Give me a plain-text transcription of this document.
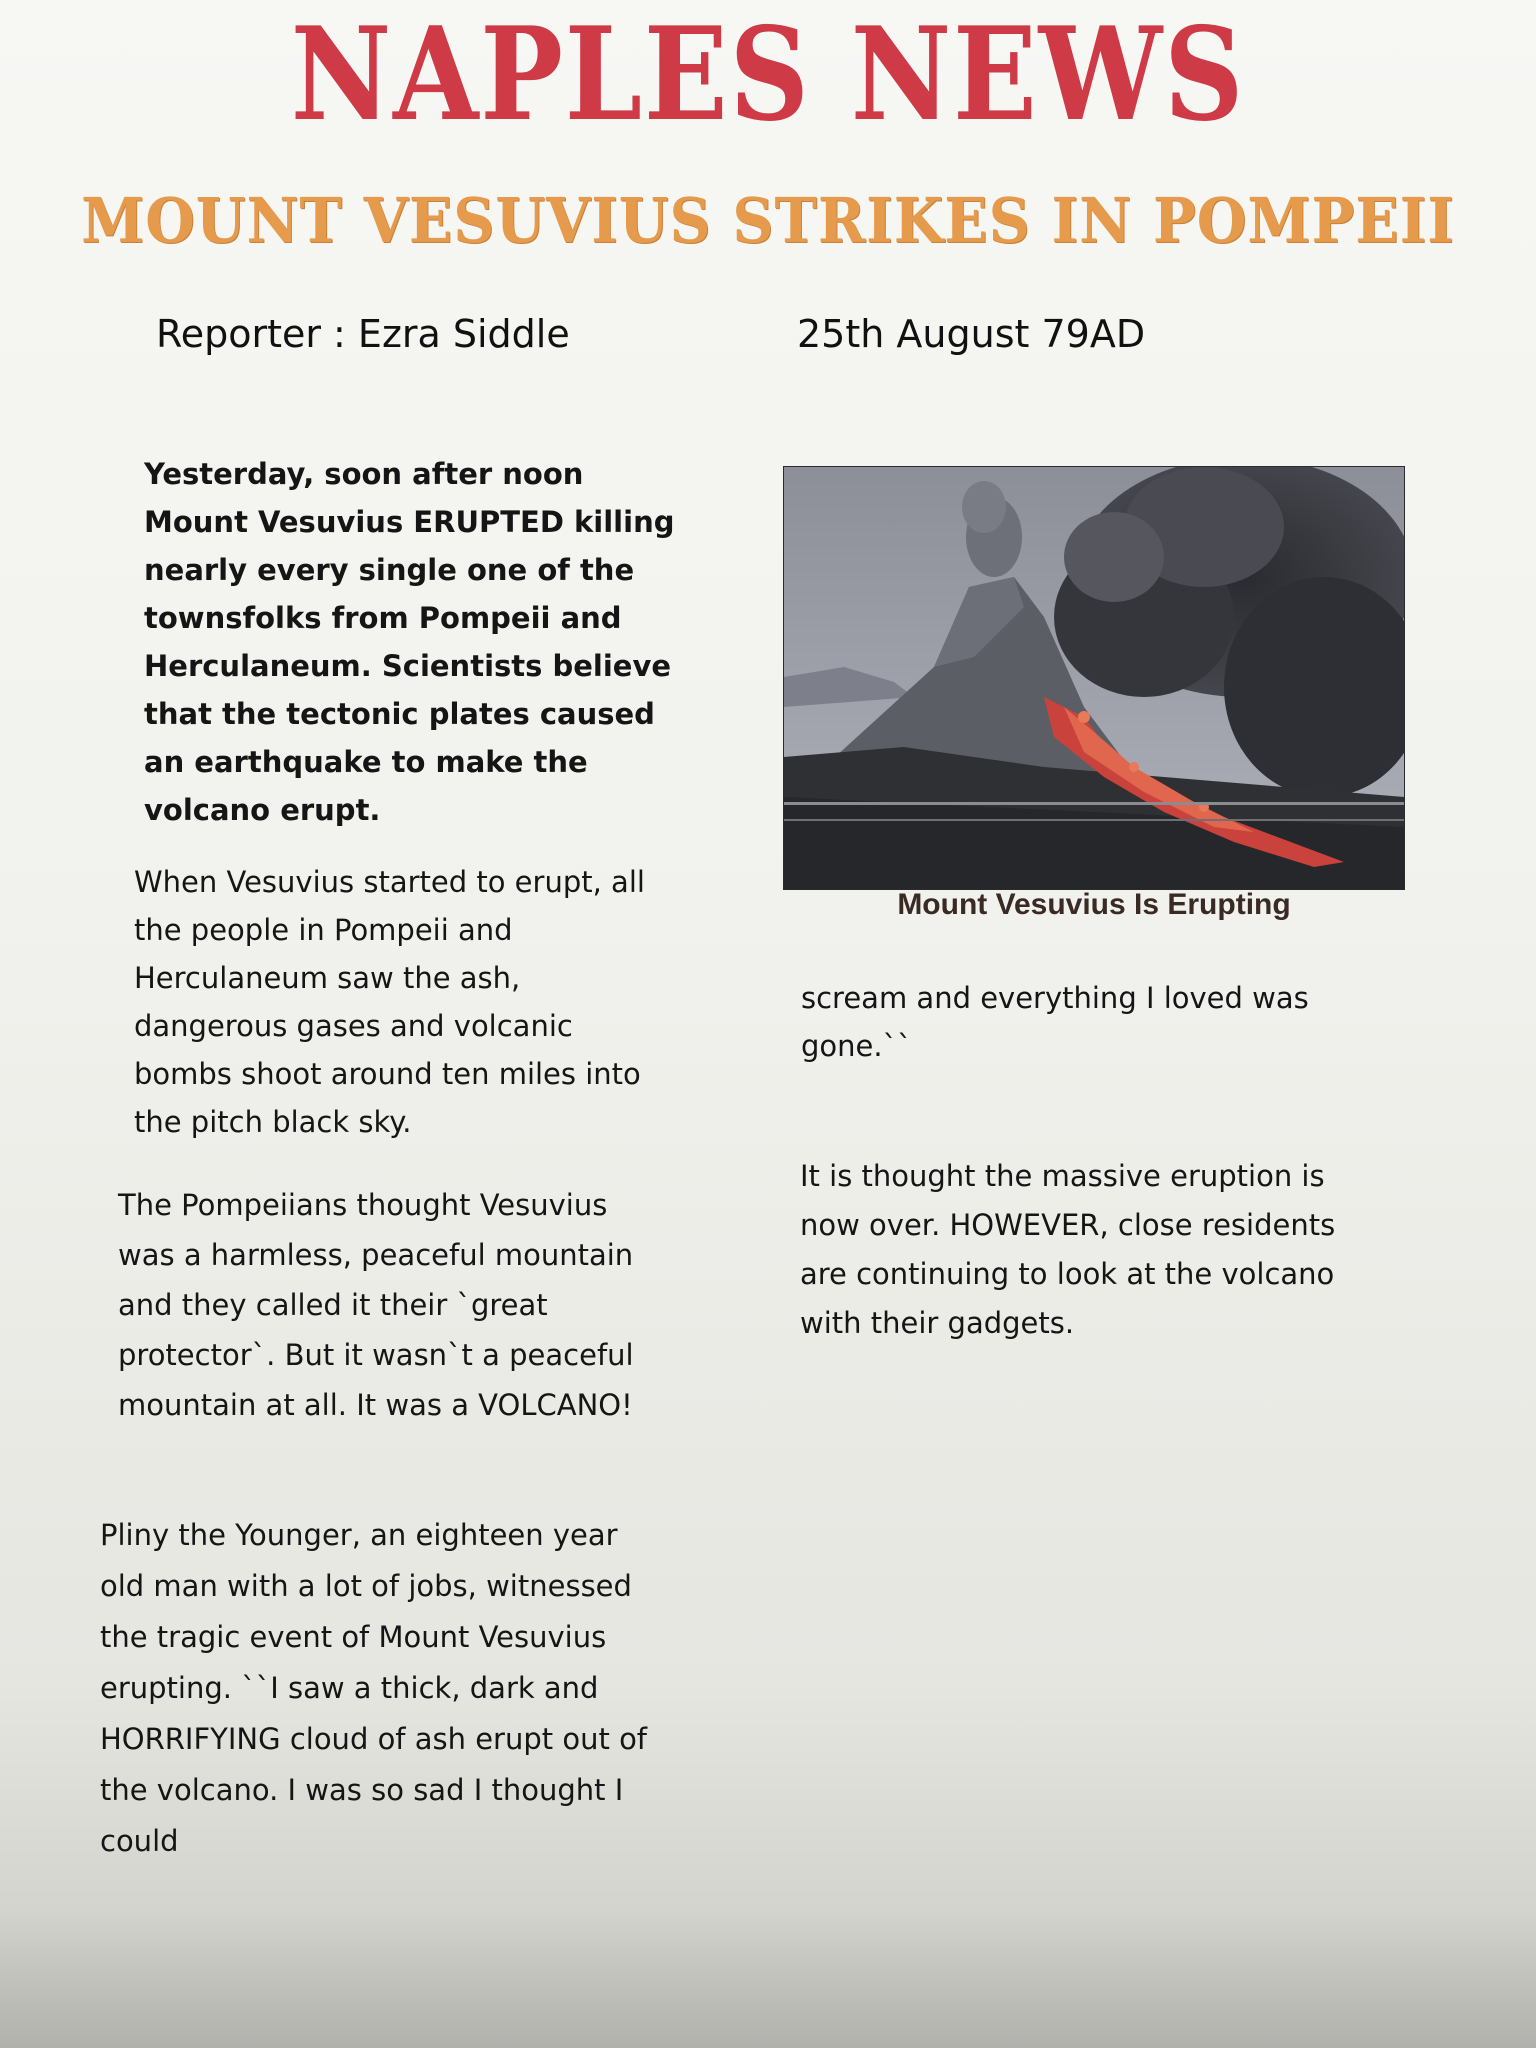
NAPLES NEWS
MOUNT VESUVIUS STRIKES IN POMPEII
Reporter : Ezra Siddle	25th August 79AD

Yesterday, soon after noon Mount Vesuvius ERUPTED killing nearly every single one of the townsfolks from Pompeii and Herculaneum. Scientists believe that the tectonic plates caused an earthquake to make the volcano erupt.

When Vesuvius started to erupt, all the people in Pompeii and Herculaneum saw the ash, dangerous gases and volcanic bombs shoot around ten miles into the pitch black sky.

The Pompeiians thought Vesuvius was a harmless, peaceful mountain and they called it their `great protector`. But it wasn`t a peaceful mountain at all. It was a VOLCANO!

Pliny the Younger, an eighteen year old man with a lot of jobs, witnessed the tragic event of Mount Vesuvius erupting. ``I saw a thick, dark and HORRIFYING cloud of ash erupt out of the volcano. I was so sad I thought I could

Mount Vesuvius Is Erupting

scream and everything I loved was gone.``

It is thought the massive eruption is now over. HOWEVER, close residents are continuing to look at the volcano with their gadgets.
